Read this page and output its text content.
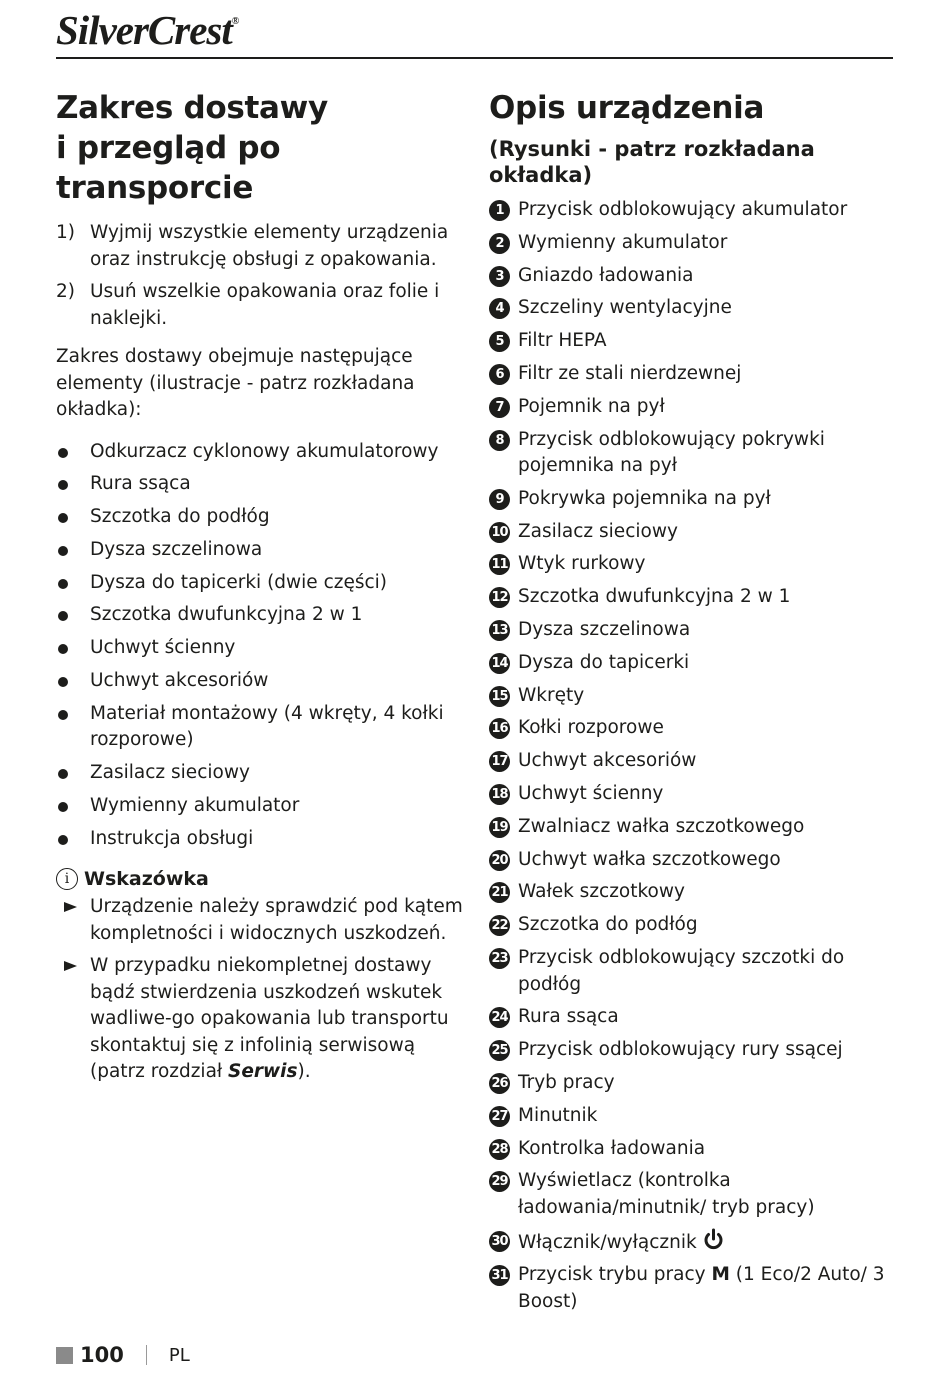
SilverCrest®
Zakres dostawy
i przegląd po transporcie
1) Wyjmij wszystkie elementy urządzenia oraz instrukcję obsługi z opakowania.
2) Usuń wszelkie opakowania oraz folie i naklejki.
Zakres dostawy obejmuje następujące elementy (ilustracje - patrz rozkładana okładka):
Odkurzacz cyklonowy akumulatorowy
Rura ssąca
Szczotka do podłóg
Dysza szczelinowa
Dysza do tapicerki (dwie części)
Szczotka dwufunkcyjna 2 w 1
Uchwyt ścienny
Uchwyt akcesoriów
Materiał montażowy (4 wkręty, 4 kołki rozporowe)
Zasilacz sieciowy
Wymienny akumulator
Instrukcja obsługi
i Wskazówka
Urządzenie należy sprawdzić pod kątem kompletności i widocznych uszkodzeń.
W przypadku niekompletnej dostawy bądź stwierdzenia uszkodzeń wskutek wadliwe-go opakowania lub transportu skontaktuj się z infolinią serwisową (patrz rozdział Serwis).
Opis urządzenia
(Rysunki - patrz rozkładana okładka)
1 Przycisk odblokowujący akumulator
2 Wymienny akumulator
3 Gniazdo ładowania
4 Szczeliny wentylacyjne
5 Filtr HEPA
6 Filtr ze stali nierdzewnej
7 Pojemnik na pył
8 Przycisk odblokowujący pokrywki pojemnika na pył
9 Pokrywka pojemnika na pył
10 Zasilacz sieciowy
11 Wtyk rurkowy
12 Szczotka dwufunkcyjna 2 w 1
13 Dysza szczelinowa
14 Dysza do tapicerki
15 Wkręty
16 Kołki rozporowe
17 Uchwyt akcesoriów
18 Uchwyt ścienny
19 Zwalniacz wałka szczotkowego
20 Uchwyt wałka szczotkowego
21 Wałek szczotkowy
22 Szczotka do podłóg
23 Przycisk odblokowujący szczotki do podłóg
24 Rura ssąca
25 Przycisk odblokowujący rury ssącej
26 Tryb pracy
27 Minutnik
28 Kontrolka ładowania
29 Wyświetlacz (kontrolka ładowania/minutnik/ tryb pracy)
30 Włącznik/wyłącznik
31 Przycisk trybu pracy M (1 Eco/2 Auto/ 3 Boost)
100	PL
